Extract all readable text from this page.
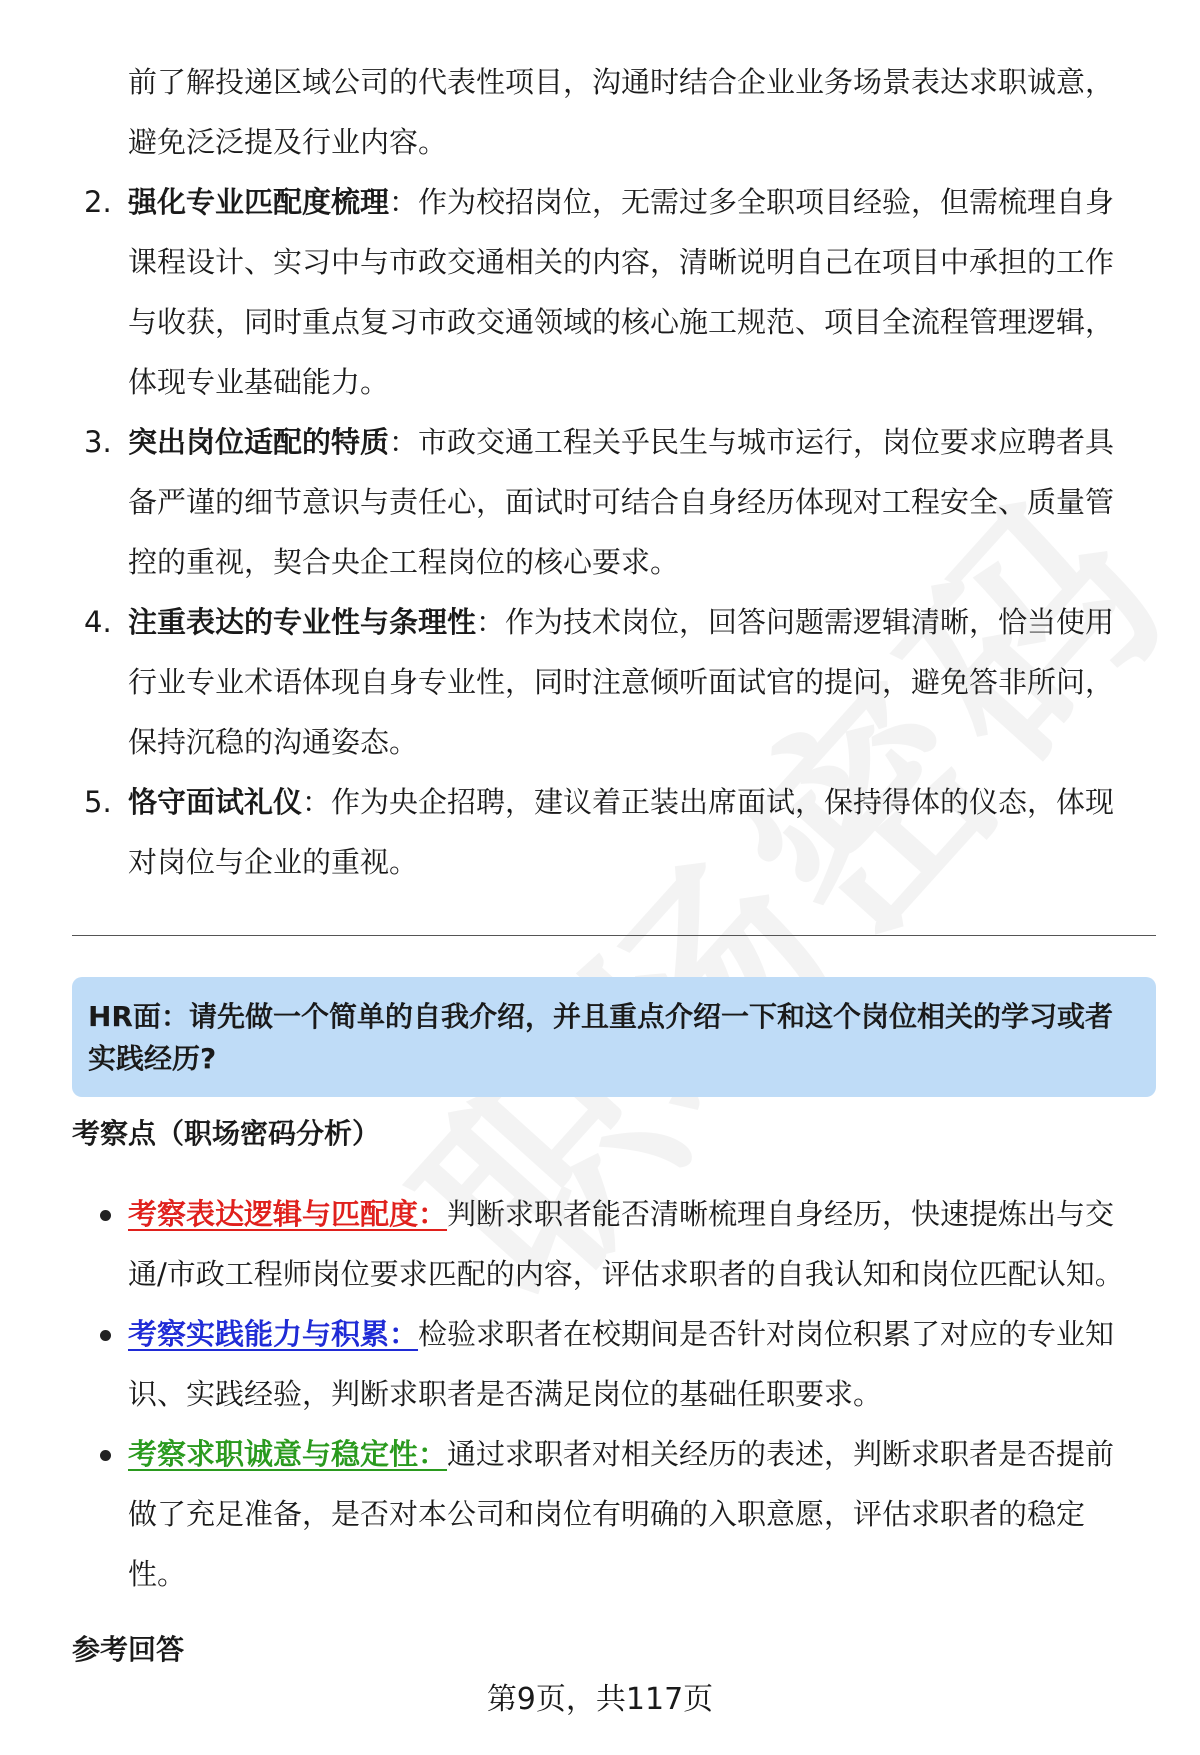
前了解投递区域公司的代表性项目，沟通时结合企业业务场景表达求职诚意，避免泛泛提及行业内容。

2. 强化专业匹配度梳理：作为校招岗位，无需过多全职项目经验，但需梳理自身课程设计、实习中与市政交通相关的内容，清晰说明自己在项目中承担的工作与收获，同时重点复习市政交通领域的核心施工规范、项目全流程管理逻辑，体现专业基础能力。
3. 突出岗位适配的特质：市政交通工程关乎民生与城市运行，岗位要求应聘者具备严谨的细节意识与责任心，面试时可结合自身经历体现对工程安全、质量管控的重视，契合央企工程岗位的核心要求。
4. 注重表达的专业性与条理性：作为技术岗位，回答问题需逻辑清晰，恰当使用行业专业术语体现自身专业性，同时注意倾听面试官的提问，避免答非所问，保持沉稳的沟通姿态。
5. 恪守面试礼仪：作为央企招聘，建议着正装出席面试，保持得体的仪态，体现对岗位与企业的重视。

HR面：请先做一个简单的自我介绍，并且重点介绍一下和这个岗位相关的学习或者实践经历?

考察点（职场密码分析）

考察表达逻辑与匹配度：判断求职者能否清晰梳理自身经历，快速提炼出与交通/市政工程师岗位要求匹配的内容，评估求职者的自我认知和岗位匹配认知。
考察实践能力与积累：检验求职者在校期间是否针对岗位积累了对应的专业知识、实践经验，判断求职者是否满足岗位的基础任职要求。
考察求职诚意与稳定性：通过求职者对相关经历的表述，判断求职者是否提前做了充足准备，是否对本公司和岗位有明确的入职意愿，评估求职者的稳定性。

参考回答

第9页，共117页
